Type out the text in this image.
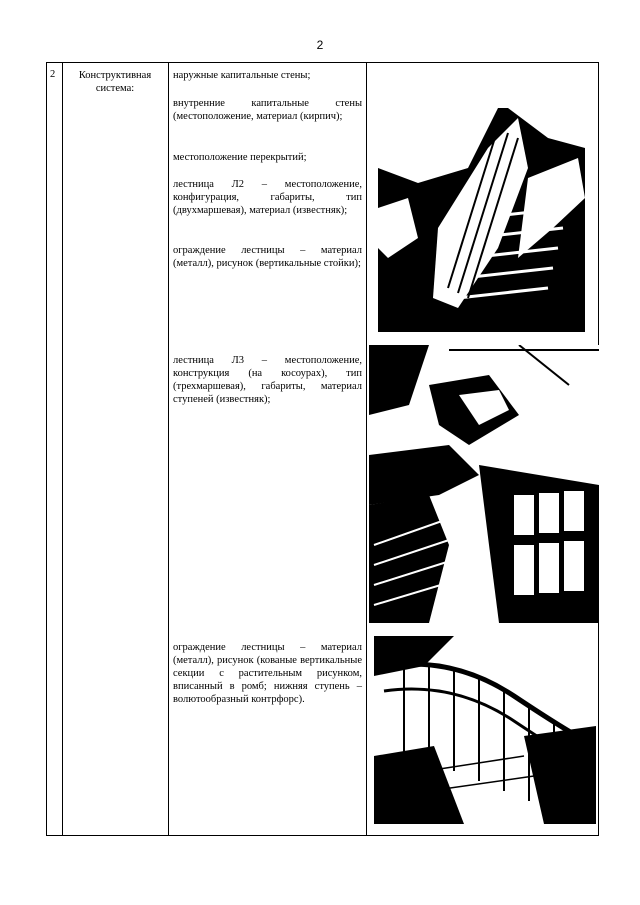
2
2	Конструктивная система:
наружные капитальные стены;
внутренние капитальные стены (местоположение, материал (кирпич);
местоположение перекрытий;
лестница Л2 – местоположение, конфигурация, габариты, тип (двухмаршевая), материал (известняк);
ограждение лестницы – материал (металл), рисунок (вертикальные стойки);
лестница Л3 – местоположение, конструкция (на косоурах), тип (трехмаршевая), габариты, материал ступеней (известняк);
ограждение лестницы – материал (металл), рисунок (кованые вертикальные секции с растительным рисунком, вписанный в ромб; нижняя ступень – волютообразный контрфорс).
